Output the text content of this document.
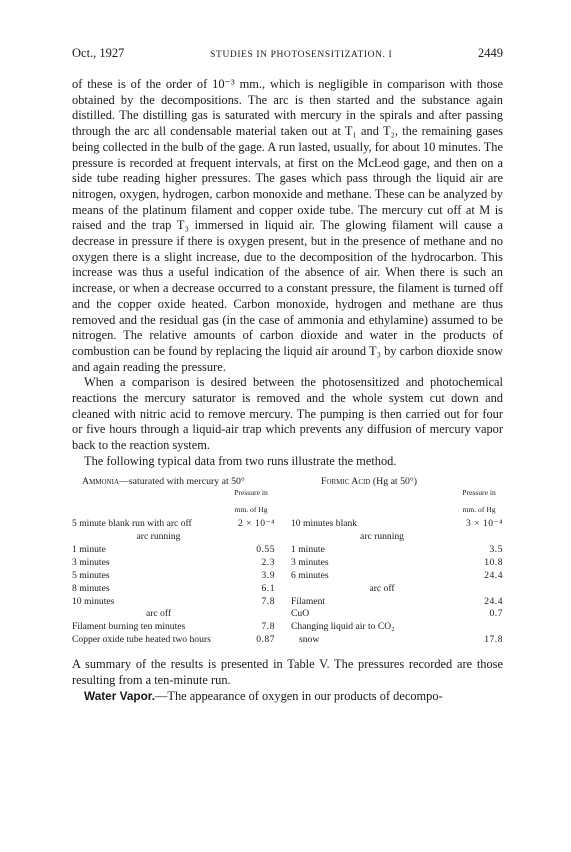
Oct., 1927	STUDIES IN PHOTOSENSITIZATION. I	2449

of these is of the order of 10⁻³ mm., which is negligible in comparison with those obtained by the decompositions. The arc is then started and the substance again distilled. The distilling gas is saturated with mercury in the spirals and after passing through the arc all condensable material taken out at T₁ and T₂, the remaining gases being collected in the bulb of the gage. A run lasted, usually, for about 10 minutes. The pressure is recorded at frequent intervals, at first on the McLeod gage, and then on a side tube reading higher pressures. The gases which pass through the liquid air are nitrogen, oxygen, hydrogen, carbon monoxide and methane. These can be analyzed by means of the platinum filament and copper oxide tube. The mercury cut off at M is raised and the trap T₃ immersed in liquid air. The glowing filament will cause a decrease in pressure if there is oxygen present, but in the presence of methane and no oxygen there is a slight increase, due to the decomposition of the hydrocarbon. This increase was thus a useful indication of the absence of air. When there is such an increase, or when a decrease occurred to a constant pressure, the filament is turned off and the copper oxide heated. Carbon monoxide, hydrogen and methane are thus removed and the residual gas (in the case of ammonia and ethylamine) assumed to be nitrogen. The relative amounts of carbon dioxide and water in the products of combustion can be found by replacing the liquid air around T₃ by carbon dioxide snow and again reading the pressure.

When a comparison is desired between the photosensitized and photochemical reactions the mercury saturator is removed and the whole system cut down and cleaned with nitric acid to remove mercury. The pumping is then carried out for four or five hours through a liquid-air trap which prevents any diffusion of mercury vapor back to the reaction system.

The following typical data from two runs illustrate the method.

Ammonia—saturated with mercury at 50°
Pressure in

mm. of Hg
5 minute blank run with arc off	2 × 10⁻⁴
arc running
1 minute	0.55
3 minutes	2.3
5 minutes	3.9
8 minutes	6.1
10 minutes	7.8
arc off
Filament burning ten minutes	7.8
Copper oxide tube heated two hours	0.87
Formic Acid (Hg at 50°)
Pressure in

mm. of Hg
10 minutes blank	3 × 10⁻⁴
arc running
1 minute	3.5
3 minutes	10.8
6 minutes	24.4
arc off
Filament	24.4
CuO	0.7
Changing liquid air to CO₂
snow	17.8

A summary of the results is presented in Table V. The pressures recorded are those resulting from a ten-minute run.

Water Vapor.—The appearance of oxygen in our products of decompo-
